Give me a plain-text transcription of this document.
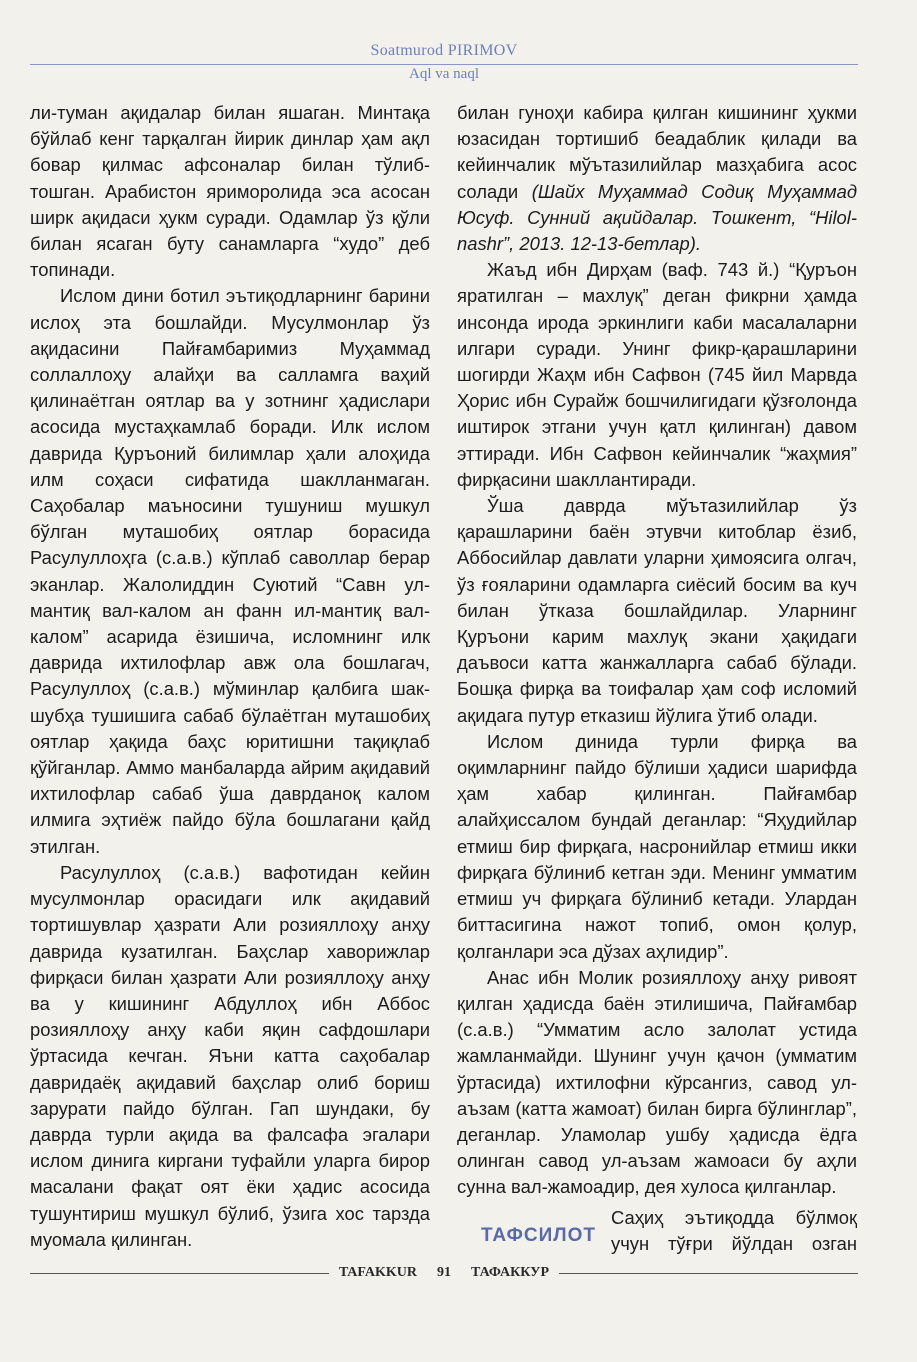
Soatmurod PIRIMOV
Aql va naql

ли-туман ақидалар билан яшаган. Минтақа бўйлаб кенг тарқалган йирик динлар ҳам ақл бовар қилмас афсоналар билан тўлиб-тошган. Арабистон яриморолида эса асосан ширк ақидаси ҳукм суради. Одамлар ўз қўли билан ясаган буту санамларга “худо” деб топинади.

Ислом дини ботил эътиқодларнинг барини ислоҳ эта бошлайди. Мусулмонлар ўз ақидасини Пайғамбаримиз Муҳаммад соллаллоҳу алайҳи ва салламга ваҳий қилинаётган оятлар ва у зотнинг ҳадислари асосида мустаҳкамлаб боради. Илк ислом даврида Қуръоний билимлар ҳали алоҳида илм соҳаси сифатида шаклланмаган. Саҳобалар маъносини тушуниш мушкул бўлган муташобиҳ оятлар борасида Расулуллоҳга (с.а.в.) кўплаб саволлар берар эканлар. Жалолиддин Суютий “Савн ул-мантиқ вал-калом ан фанн ил-мантиқ вал-калом” асарида ёзишича, исломнинг илк даврида ихтилофлар авж ола бошлагач, Расулуллоҳ (с.а.в.) мўминлар қалбига шак-шубҳа тушишига сабаб бўлаётган муташобиҳ оятлар ҳақида баҳс юритишни тақиқлаб қўйганлар. Аммо манбаларда айрим ақидавий ихтилофлар сабаб ўша даврданоқ калом илмига эҳтиёж пайдо бўла бошлагани қайд этилган.

Расулуллоҳ (с.а.в.) вафотидан кейин мусулмонлар орасидаги илк ақидавий тортишувлар ҳазрати Али розияллоҳу анҳу даврида кузатилган. Баҳслар хаворижлар фирқаси билан ҳазрати Али розияллоҳу анҳу ва у кишининг Абдуллоҳ ибн Аббос розияллоҳу анҳу каби яқин сафдошлари ўртасида кечган. Яъни катта саҳобалар давридаёқ ақидавий баҳслар олиб бориш зарурати пайдо бўлган. Гап шундаки, бу даврда турли ақида ва фалсафа эгалари ислом динига киргани туфайли уларга бирор масалани фақат оят ёки ҳадис асосида тушунтириш мушкул бўлиб, ўзига хос тарзда муомала қилинган.

билан гуноҳи кабира қилган кишининг ҳукми юзасидан тортишиб беадаблик қилади ва кейинчалик мўътазилийлар мазҳабига асос солади (Шайх Муҳаммад Содиқ Муҳаммад Юсуф. Сунний ақийдалар. Тошкент, “Hilol-nashr”, 2013. 12-13-бетлар).

Жаъд ибн Дирҳам (ваф. 743 й.) “Қуръон яратилган – махлуқ” деган фикрни ҳамда инсонда ирода эркинлиги каби масалаларни илгари суради. Унинг фикр-қарашларини шогирди Жаҳм ибн Сафвон (745 йил Марвда Ҳорис ибн Сурайж бошчилигидаги қўзғолонда иштирок этгани учун қатл қилинган) давом эттиради. Ибн Сафвон кейинчалик “жаҳмия” фирқасини шакллантиради.

Ўша даврда мўътазилийлар ўз қарашларини баён этувчи китоблар ёзиб, Аббосийлар давлати уларни ҳимоясига олгач, ўз ғояларини одамларга сиёсий босим ва куч билан ўтказа бошлайдилар. Уларнинг Қуръони карим махлуқ экани ҳақидаги даъвоси катта жанжалларга сабаб бўлади. Бошқа фирқа ва тоифалар ҳам соф исломий ақидага путур етказиш йўлига ўтиб олади.

Ислом динида турли фирқа ва оқимларнинг пайдо бўлиши ҳадиси шарифда ҳам хабар қилинган. Пайғамбар алайҳиссалом бундай деганлар: “Яҳудийлар етмиш бир фирқага, насронийлар етмиш икки фирқага бўлиниб кетган эди. Менинг умматим етмиш уч фирқага бўлиниб кетади. Улардан биттасигина нажот топиб, омон қолур, қолганлари эса дўзах аҳлидир”.

Анас ибн Молик розияллоҳу анҳу ривоят қилган ҳадисда баён этилишича, Пайғамбар (с.а.в.) “Умматим асло залолат устида жамланмайди. Шунинг учун қачон (умматим ўртасида) ихтилофни кўрсангиз, савод ул-аъзам (катта жамоат) билан бирга бўлинглар”, деганлар. Уламолар ушбу ҳадисда ёдга олинган савод ул-аъзам жамоаси бу аҳли сунна вал-жамоадир, дея хулоса қилганлар.

ТАФСИЛОТ

Саҳиҳ эътиқодда бўлмоқ учун тўғри йўлдан озган

TAFAKKUR	91	ТАФАККУР
